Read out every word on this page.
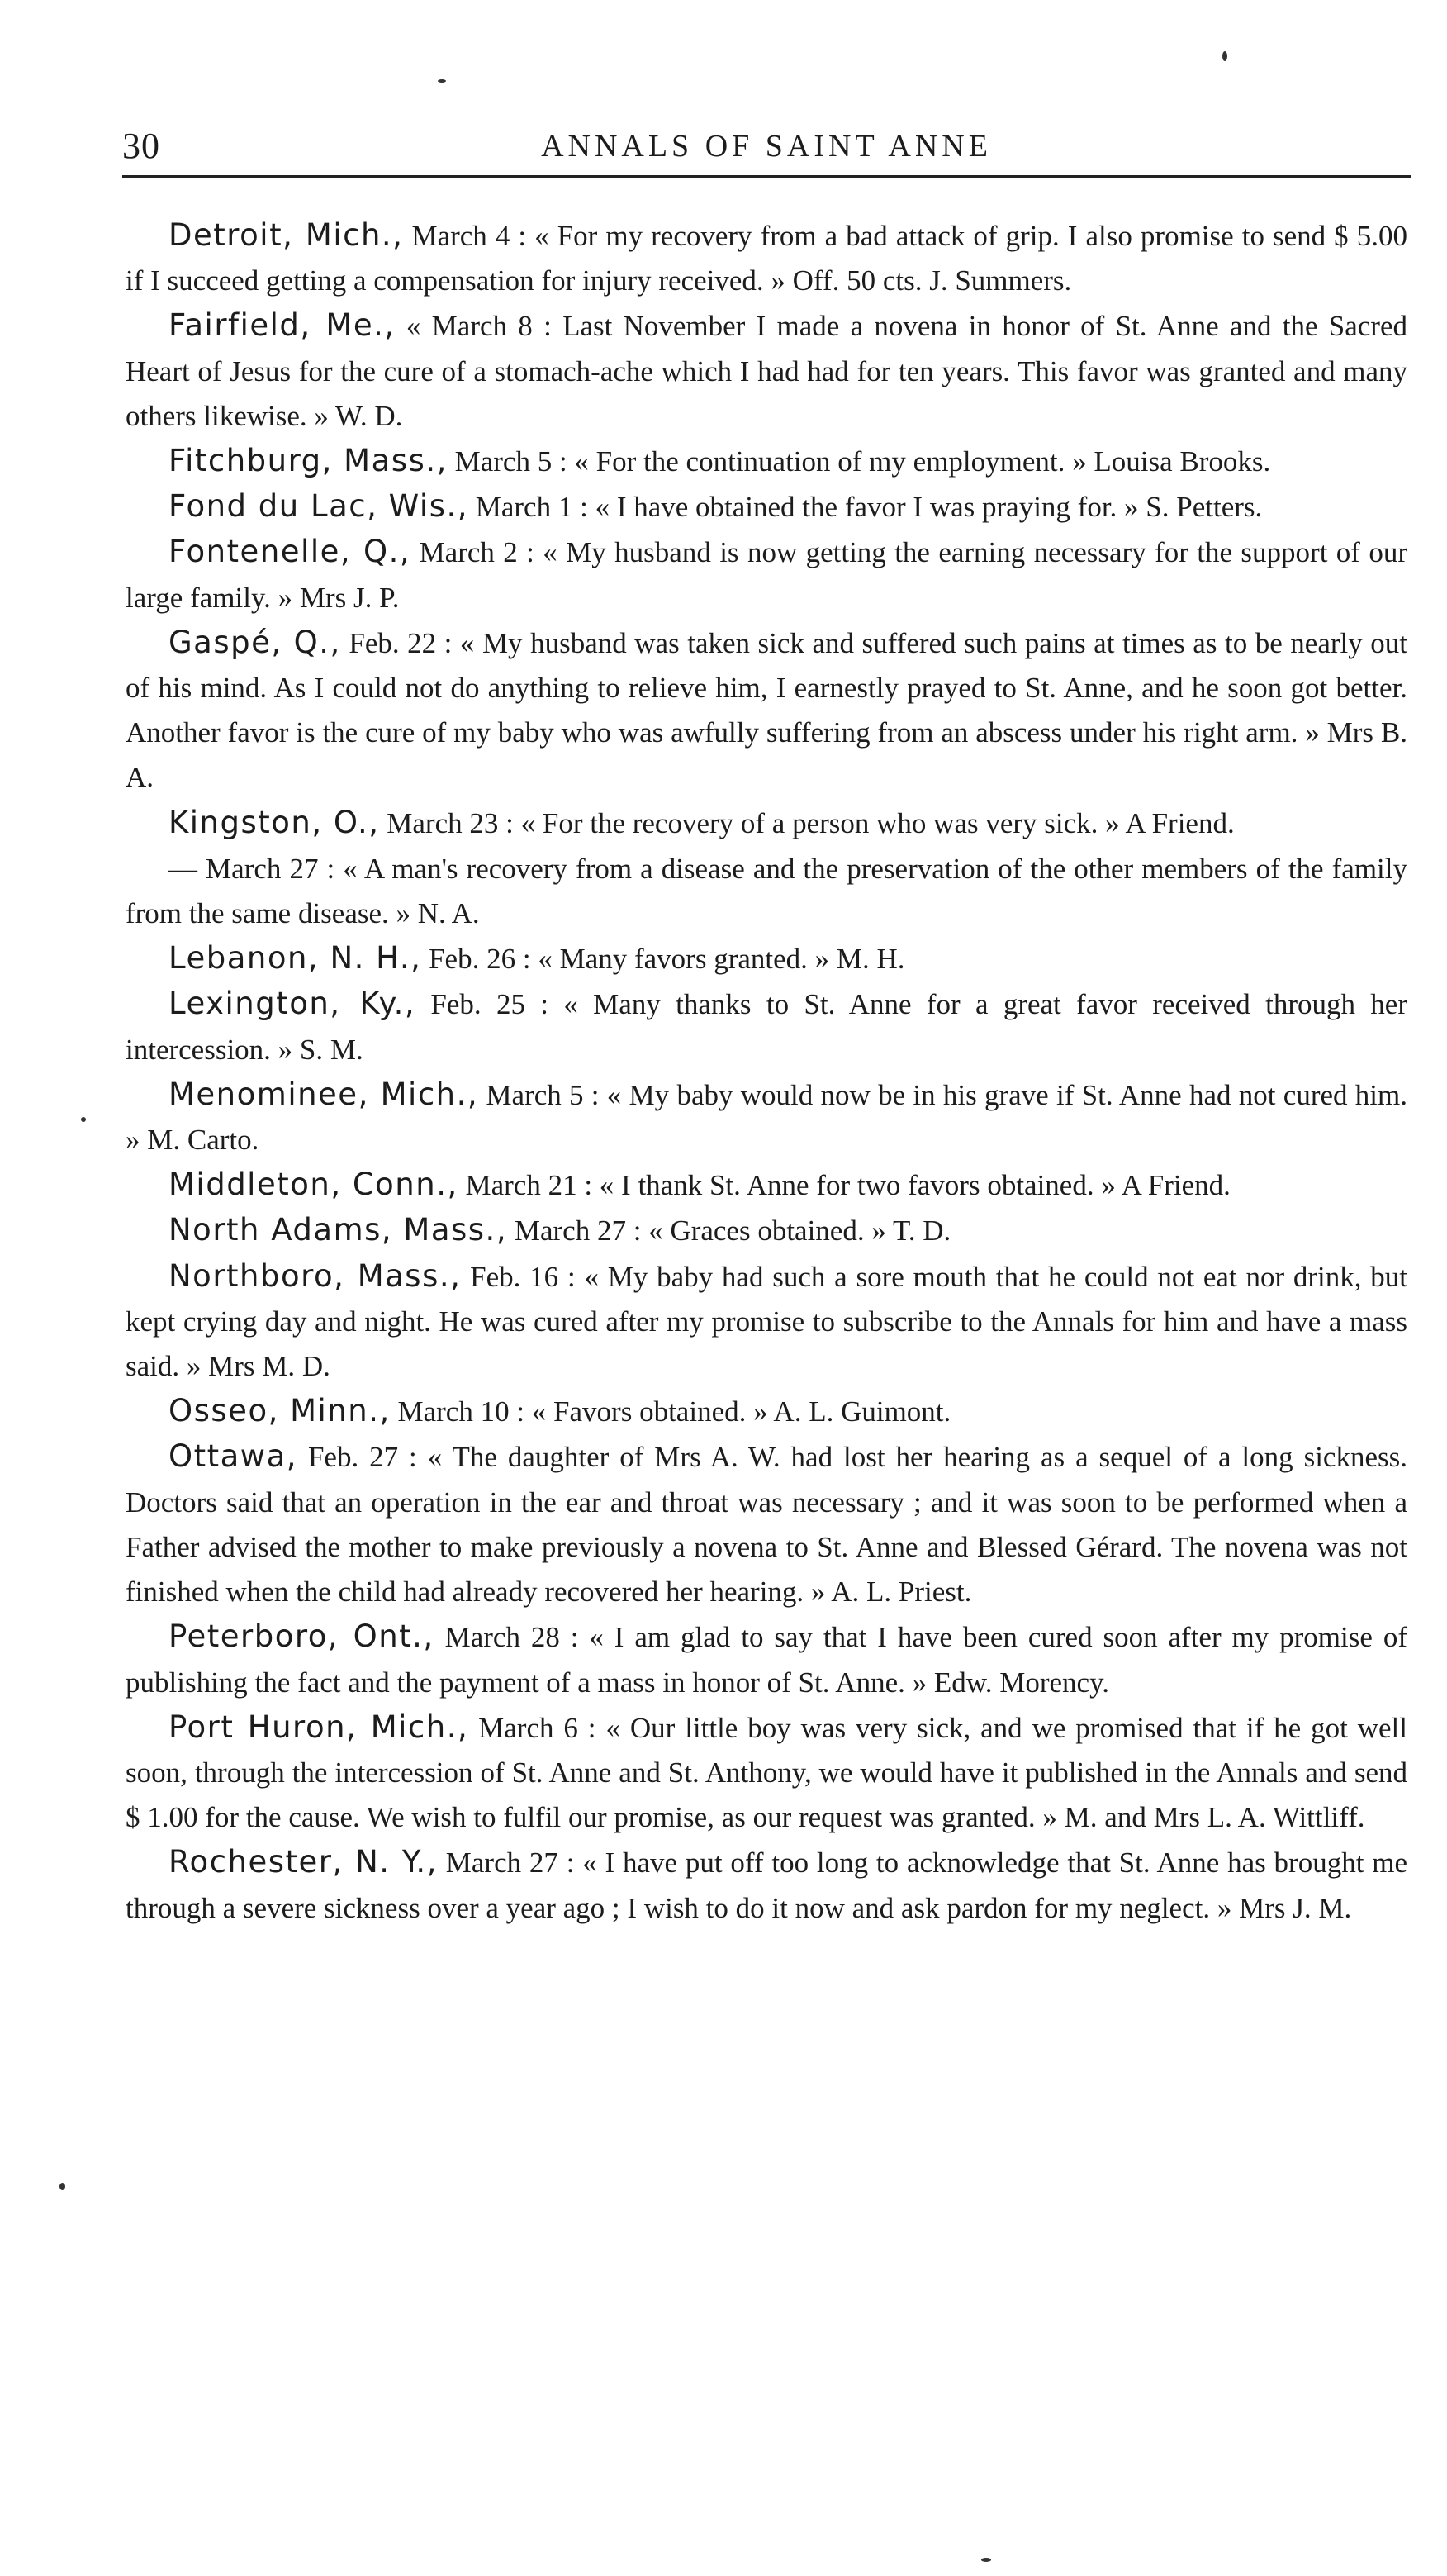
30	ANNALS OF SAINT ANNE

Detroit, Mich., March 4 : « For my recovery from a bad attack of grip. I also promise to send $ 5.00 if I succeed getting a compensation for injury received. » Off. 50 cts. J. Summers.

Fairfield, Me., « March 8 : Last November I made a novena in honor of St. Anne and the Sacred Heart of Jesus for the cure of a stomach-ache which I had had for ten years. This favor was granted and many others likewise. » W. D.

Fitchburg, Mass., March 5 : « For the continuation of my employment. » Louisa Brooks.

Fond du Lac, Wis., March 1 : « I have obtained the favor I was praying for. » S. Petters.

Fontenelle, Q., March 2 : « My husband is now getting the earning necessary for the support of our large family. » Mrs J. P.

Gaspé, Q., Feb. 22 : « My husband was taken sick and suffered such pains at times as to be nearly out of his mind. As I could not do anything to relieve him, I earnestly prayed to St. Anne, and he soon got better. Another favor is the cure of my baby who was awfully suffering from an abscess under his right arm. » Mrs B. A.

Kingston, O., March 23 : « For the recovery of a person who was very sick. » A Friend.

— March 27 : « A man's recovery from a disease and the preservation of the other members of the family from the same disease. » N. A.

Lebanon, N. H., Feb. 26 : « Many favors granted. » M. H.

Lexington, Ky., Feb. 25 : « Many thanks to St. Anne for a great favor received through her intercession. » S. M.

Menominee, Mich., March 5 : « My baby would now be in his grave if St. Anne had not cured him. » M. Carto.

Middleton, Conn., March 21 : « I thank St. Anne for two favors obtained. » A Friend.

North Adams, Mass., March 27 : « Graces obtained. » T. D.

Northboro, Mass., Feb. 16 : « My baby had such a sore mouth that he could not eat nor drink, but kept crying day and night. He was cured after my promise to subscribe to the Annals for him and have a mass said. » Mrs M. D.

Osseo, Minn., March 10 : « Favors obtained. » A. L. Guimont.

Ottawa, Feb. 27 : « The daughter of Mrs A. W. had lost her hearing as a sequel of a long sickness. Doctors said that an operation in the ear and throat was necessary ; and it was soon to be performed when a Father advised the mother to make previously a novena to St. Anne and Blessed Gérard. The novena was not finished when the child had already recovered her hearing. » A. L. Priest.

Peterboro, Ont., March 28 : « I am glad to say that I have been cured soon after my promise of publishing the fact and the payment of a mass in honor of St. Anne. » Edw. Morency.

Port Huron, Mich., March 6 : « Our little boy was very sick, and we promised that if he got well soon, through the intercession of St. Anne and St. Anthony, we would have it published in the Annals and send $ 1.00 for the cause. We wish to fulfil our promise, as our request was granted. » M. and Mrs L. A. Wittliff.

Rochester, N. Y., March 27 : « I have put off too long to acknowledge that St. Anne has brought me through a severe sickness over a year ago ; I wish to do it now and ask pardon for my neglect. » Mrs J. M.
